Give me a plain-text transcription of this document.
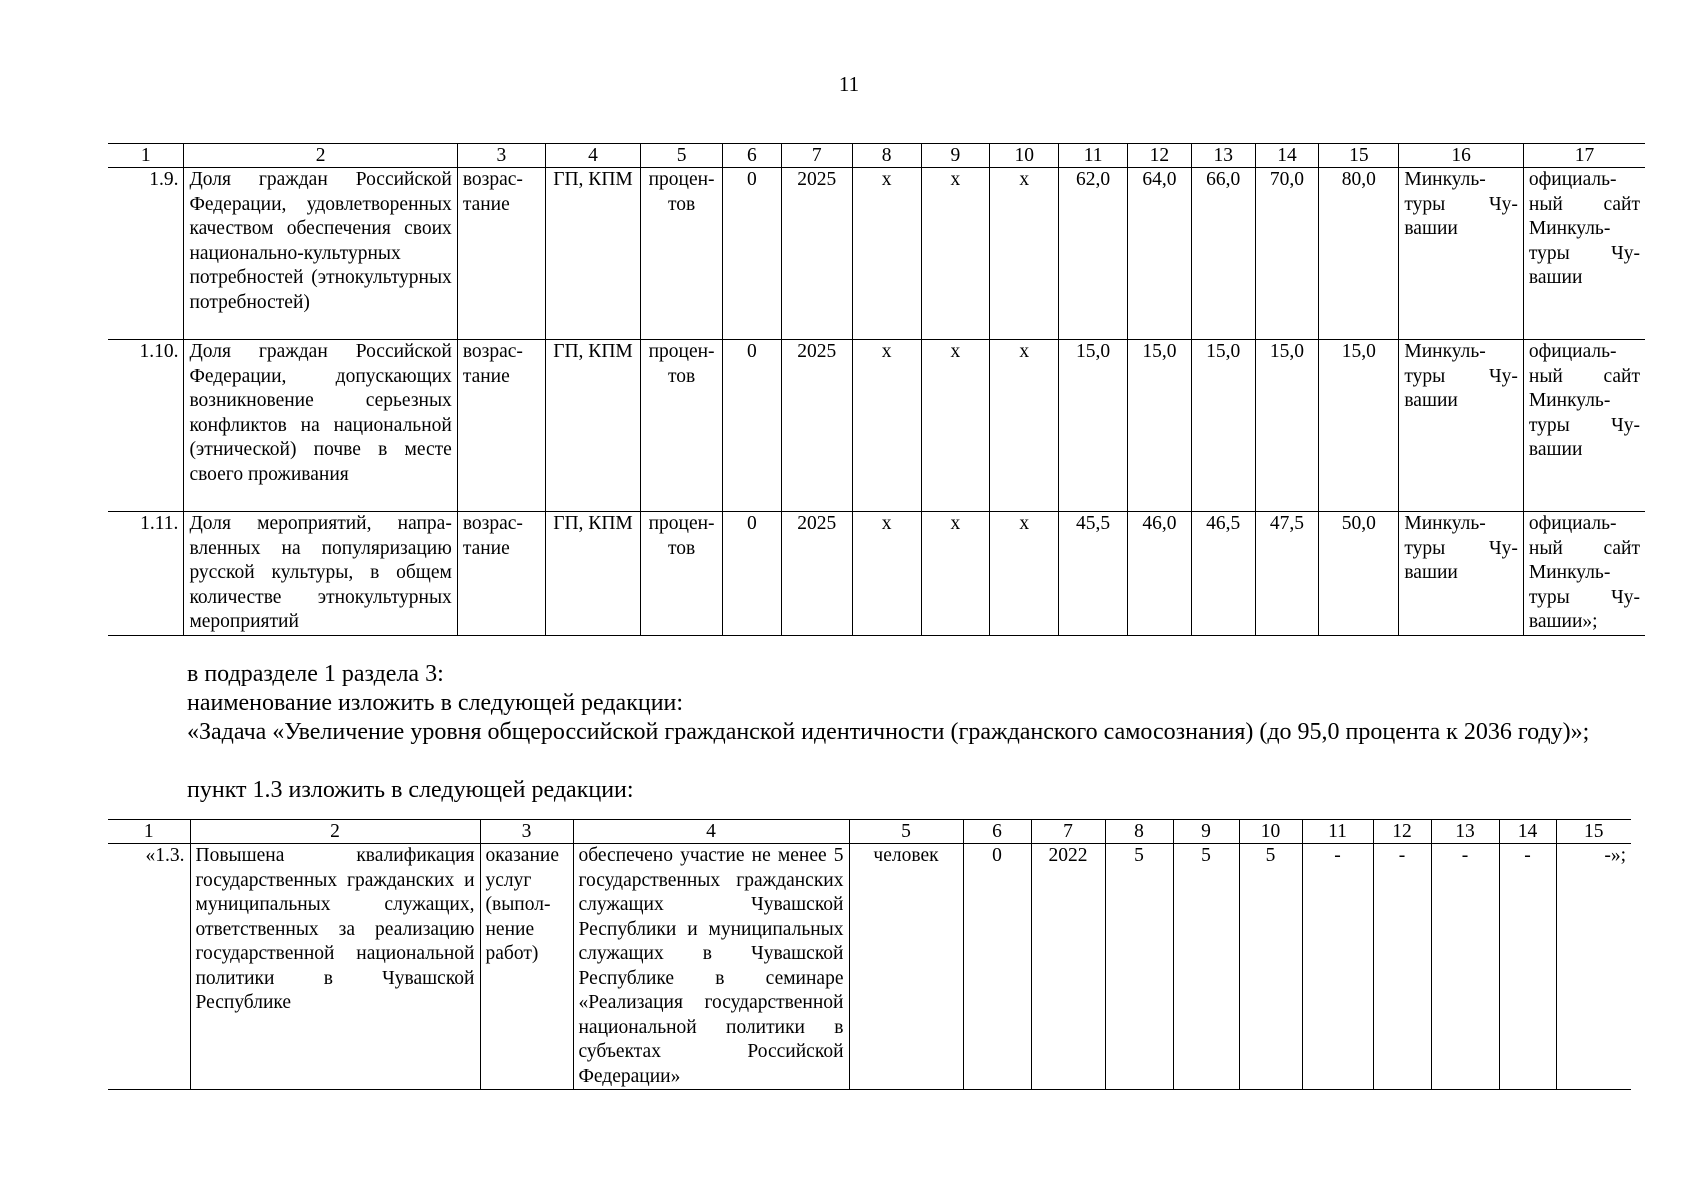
11
1	2	3	4	5	6	7	8	9	10	11	12	13	14	15	16	17
1.9.	Доля граждан Российской Федерации, удовлетворенных качеством обеспечения своих национально-культурных потребностей (этнокультурных потребностей)	возрастание	ГП, КПМ	процентов	0	2025	х	х	х	62,0	64,0	66,0	70,0	80,0	Минкультуры Чувашии	официальный сайт Минкультуры Чувашии
1.10.	Доля граждан Российской Федерации, допускающих возникновение серьезных конфликтов на национальной (этнической) почве в месте своего проживания	возрастание	ГП, КПМ	процентов	0	2025	х	х	х	15,0	15,0	15,0	15,0	15,0	Минкультуры Чувашии	официальный сайт Минкультуры Чувашии
1.11.	Доля мероприятий, направленных на популяризацию русской культуры, в общем количестве этнокультурных мероприятий	возрастание	ГП, КПМ	процентов	0	2025	х	х	х	45,5	46,0	46,5	47,5	50,0	Минкультуры Чувашии	официальный сайт Минкультуры Чувашии»;
в подразделе 1 раздела 3:
наименование изложить в следующей редакции:
«Задача «Увеличение уровня общероссийской гражданской идентичности (гражданского самосознания) (до 95,0 процента к 2036 году)»;
пункт 1.3 изложить в следующей редакции:
1	2	3	4	5	6	7	8	9	10	11	12	13	14	15
«1.3.	Повышена квалификация государственных гражданских и муниципальных служащих, ответственных за реализацию государственной национальной политики в Чувашской Республике	оказание услуг (выполнение работ)	обеспечено участие не менее 5 государственных гражданских служащих Чувашской Республики и муниципальных служащих в Чувашской Республике в семинаре «Реализация государственной национальной политики в субъектах Российской Федерации»	человек	0	2022	5	5	5	-	-	-	-	-»;
